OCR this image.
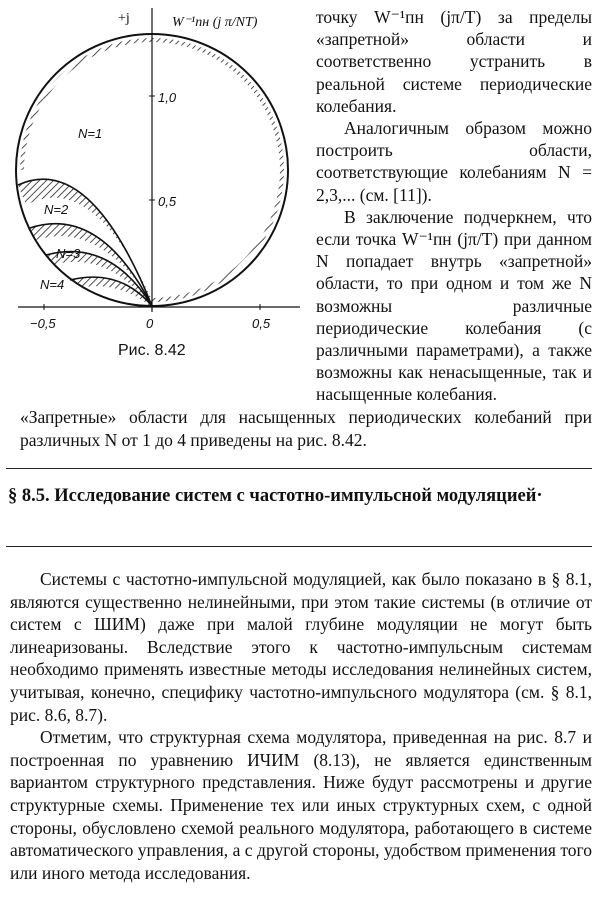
+j	W⁻¹пн (j π/NT)
1,0
0,5
−0,5	0	0,5
N=1
N=2
N=3
N=4
Рис. 8.42

точку W⁻¹пн (jπ/T) за пределы «запретной» области и соответственно устранить в реальной системе периодические колебания.

Аналогичным образом можно построить области, соответствующие колебаниям N = 2,3,... (см. [11]).

В заключение подчеркнем, что если точка W⁻¹пн (jπ/T) при данном N попадает внутрь «запретной» области, то при одном и том же N возможны различные периодические колебания (с различными параметрами), а также возможны как ненасыщенные, так и насыщенные колебания.

«Запретные» области для насыщенных периодических колебаний при различных N от 1 до 4 приведены на рис. 8.42.
§ 8.5. Исследование систем с частотно-импульсной модуляцией·

Системы с частотно-импульсной модуляцией, как было показано в § 8.1, являются существенно нелинейными, при этом такие системы (в отличие от систем с ШИМ) даже при малой глубине модуляции не могут быть линеаризованы. Вследствие этого к частотно-импульсным системам необходимо применять известные методы исследования нелинейных систем, учитывая, конечно, специфику частотно-импульсного модулятора (см. § 8.1, рис. 8.6, 8.7).

Отметим, что структурная схема модулятора, приведенная на рис. 8.7 и построенная по уравнению ИЧИМ (8.13), не является единственным вариантом структурного представления. Ниже будут рассмотрены и другие структурные схемы. Применение тех или иных структурных схем, с одной стороны, обусловлено схемой реального модулятора, работающего в системе автоматического управления, а с другой стороны, удобством применения того или иного метода исследования.
